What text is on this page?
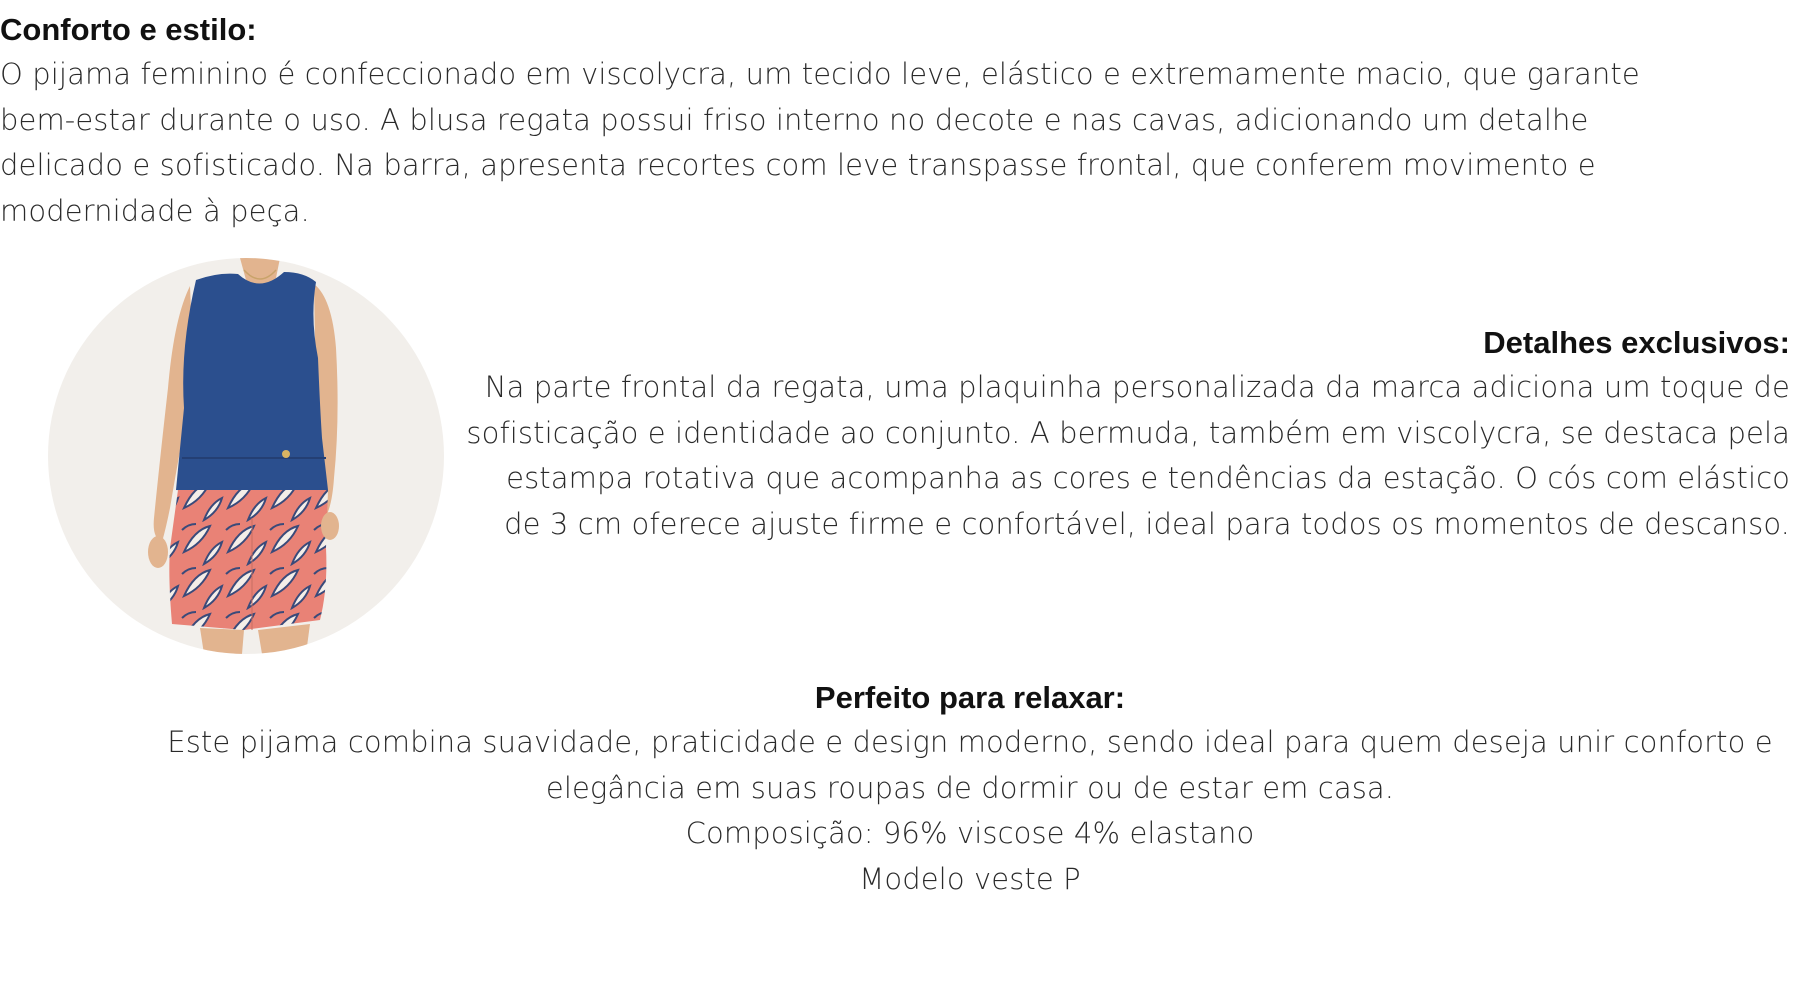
Conforto e estilo:
O pijama feminino é confeccionado em viscolycra, um tecido leve, elástico e extremamente macio, que garante
bem-estar durante o uso. A blusa regata possui friso interno no decote e nas cavas, adicionando um detalhe
delicado e sofisticado. Na barra, apresenta recortes com leve transpasse frontal, que conferem movimento e
modernidade à peça.
Detalhes exclusivos:
Na parte frontal da regata, uma plaquinha personalizada da marca adiciona um toque de
sofisticação e identidade ao conjunto. A bermuda, também em viscolycra, se destaca pela
estampa rotativa que acompanha as cores e tendências da estação. O cós com elástico
de 3 cm oferece ajuste firme e confortável, ideal para todos os momentos de descanso.
Perfeito para relaxar:
Este pijama combina suavidade, praticidade e design moderno, sendo ideal para quem deseja unir conforto e
elegância em suas roupas de dormir ou de estar em casa.
Composição: 96% viscose 4% elastano
Modelo veste P
